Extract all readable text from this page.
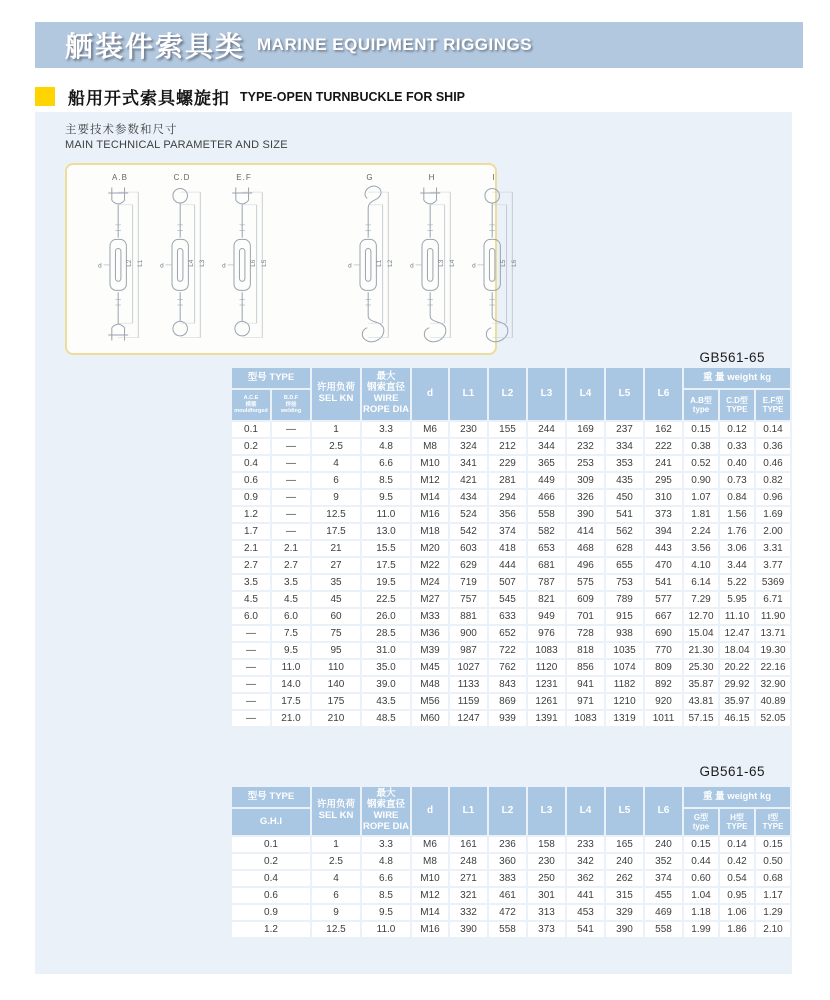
舾装件索具类 MARINE EQUIPMENT RIGGINGS
船用开式索具螺旋扣 TYPE-OPEN TURNBUCKLE FOR SHIP
主要技术参数和尺寸
MAIN TECHNICAL PARAMETER AND SIZE
A.B
L2 L1
d
C.D
L4 L3
d
E.F
L6 L5
d
G
L1 L2
d
H
L3 L4
d
I
L5 L6
d
GB561-65
型号 TYPE		许用负荷
SEL KN	最大
钢索直径
WIRE
ROPE DIA	d	L1	L2	L3	L4	L5	L6	重 量 weight kg		
A.C.E
模锻
mouldforged	B.D.F
焊接
welding										A.B型
type	C.D型
TYPE	E.F型
TYPE
0.1	—	1	3.3	M6	230	155	244	169	237	162	0.15	0.12	0.14
0.2	—	2.5	4.8	M8	324	212	344	232	334	222	0.38	0.33	0.36
0.4	—	4	6.6	M10	341	229	365	253	353	241	0.52	0.40	0.46
0.6	—	6	8.5	M12	421	281	449	309	435	295	0.90	0.73	0.82
0.9	—	9	9.5	M14	434	294	466	326	450	310	1.07	0.84	0.96
1.2	—	12.5	11.0	M16	524	356	558	390	541	373	1.81	1.56	1.69
1.7	—	17.5	13.0	M18	542	374	582	414	562	394	2.24	1.76	2.00
2.1	2.1	21	15.5	M20	603	418	653	468	628	443	3.56	3.06	3.31
2.7	2.7	27	17.5	M22	629	444	681	496	655	470	4.10	3.44	3.77
3.5	3.5	35	19.5	M24	719	507	787	575	753	541	6.14	5.22	5369
4.5	4.5	45	22.5	M27	757	545	821	609	789	577	7.29	5.95	6.71
6.0	6.0	60	26.0	M33	881	633	949	701	915	667	12.70	11.10	11.90
—	7.5	75	28.5	M36	900	652	976	728	938	690	15.04	12.47	13.71
—	9.5	95	31.0	M39	987	722	1083	818	1035	770	21.30	18.04	19.30
—	11.0	110	35.0	M45	1027	762	1120	856	1074	809	25.30	20.22	22.16
—	14.0	140	39.0	M48	1133	843	1231	941	1182	892	35.87	29.92	32.90
—	17.5	175	43.5	M56	1159	869	1261	971	1210	920	43.81	35.97	40.89
—	21.0	210	48.5	M60	1247	939	1391	1083	1319	1011	57.15	46.15	52.05
GB561-65
型号 TYPE	许用负荷
SEL KN	最大
钢索直径
WIRE
ROPE DIA	d	L1	L2	L3	L4	L5	L6	重 量 weight kg		
G.H.I										G型
type	H型
TYPE	I型
TYPE
0.1	1	3.3	M6	161	236	158	233	165	240	0.15	0.14	0.15
0.2	2.5	4.8	M8	248	360	230	342	240	352	0.44	0.42	0.50
0.4	4	6.6	M10	271	383	250	362	262	374	0.60	0.54	0.68
0.6	6	8.5	M12	321	461	301	441	315	455	1.04	0.95	1.17
0.9	9	9.5	M14	332	472	313	453	329	469	1.18	1.06	1.29
1.2	12.5	11.0	M16	390	558	373	541	390	558	1.99	1.86	2.10
